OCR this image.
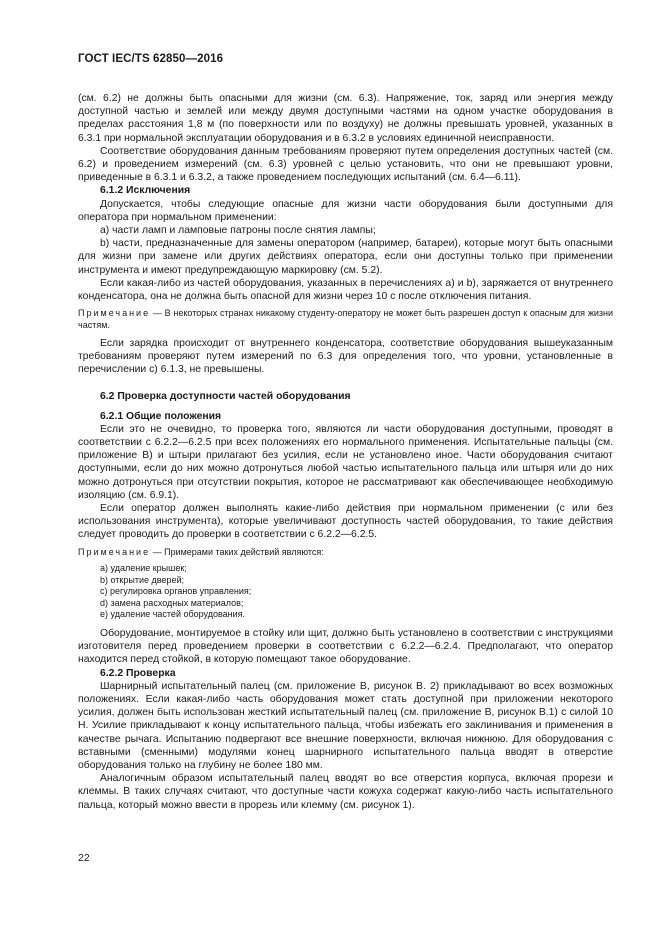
ГОСТ IEC/TS 62850—2016

(см. 6.2) не должны быть опасными для жизни (см. 6.3). Напряжение, ток, заряд или энергия между доступной частью и землей или между двумя доступными частями на одном участке оборудования в пределах расстояния 1,8 м (по поверхности или по воздуху) не должны превышать уровней, указанных в 6.3.1 при нормальной эксплуатации оборудования и в 6.3.2 в условиях единичной неисправности.

Соответствие оборудования данным требованиям проверяют путем определения доступных частей (см. 6.2) и проведением измерений (см. 6.3) уровней с целью установить, что они не превышают уровни, приведенные в 6.3.1 и 6.3.2, а также проведением последующих испытаний (см. 6.4—6.11).

6.1.2 Исключения

Допускается, чтобы следующие опасные для жизни части оборудования были доступными для оператора при нормальном применении:

a) части ламп и ламповые патроны после снятия лампы;

b) части, предназначенные для замены оператором (например, батареи), которые могут быть опасными для жизни при замене или других действиях оператора, если они доступны только при применении инструмента и имеют предупреждающую маркировку (см. 5.2).

Если какая-либо из частей оборудования, указанных в перечислениях a) и b), заряжается от внутреннего конденсатора, она не должна быть опасной для жизни через 10 с после отключения питания.

Примечание — В некоторых странах никакому студенту-оператору не может быть разрешен доступ к опасным для жизни частям.

Если зарядка происходит от внутреннего конденсатора, соответствие оборудования вышеуказанным требованиям проверяют путем измерений по 6.3 для определения того, что уровни, установленные в перечислении c) 6.1.3, не превышены.

6.2 Проверка доступности частей оборудования

6.2.1 Общие положения

Если это не очевидно, то проверка того, являются ли части оборудования доступными, проводят в соответствии с 6.2.2—6.2.5 при всех положениях его нормального применения. Испытательные пальцы (см. приложение B) и штыри прилагают без усилия, если не установлено иное. Части оборудования считают доступными, если до них можно дотронуться любой частью испытательного пальца или штыря или до них можно дотронуться при отсутствии покрытия, которое не рассматривают как обеспечивающее необходимую изоляцию (см. 6.9.1).

Если оператор должен выполнять какие-либо действия при нормальном применении (с или без использования инструмента), которые увеличивают доступность частей оборудования, то такие действия следует проводить до проверки в соответствии с 6.2.2—6.2.5.

Примечание — Примерами таких действий являются:

a) удаление крышек;

b) открытие дверей;

c) регулировка органов управления;

d) замена расходных материалов;

e) удаление частей оборудования.

Оборудование, монтируемое в стойку или щит, должно быть установлено в соответствии с инструкциями изготовителя перед проведением проверки в соответствии с 6.2.2—6.2.4. Предполагают, что оператор находится перед стойкой, в которую помещают такое оборудование.

6.2.2 Проверка

Шарнирный испытательный палец (см. приложение B, рисунок B. 2) прикладывают во всех возможных положениях. Если какая-либо часть оборудования может стать доступной при приложении некоторого усилия, должен быть использован жесткий испытательный палец (см. приложение B, рисунок B.1) с силой 10 Н. Усилие прикладывают к концу испытательного пальца, чтобы избежать его заклинивания и применения в качестве рычага. Испытанию подвергают все внешние поверхности, включая нижнюю. Для оборудования с вставными (сменными) модулями конец шарнирного испытательного пальца вводят в отверстие оборудования только на глубину не более 180 мм.

Аналогичным образом испытательный палец вводят во все отверстия корпуса, включая прорези и клеммы. В таких случаях считают, что доступные части кожуха содержат какую-либо часть испытательного пальца, который можно ввести в прорезь или клемму (см. рисунок 1).

22
